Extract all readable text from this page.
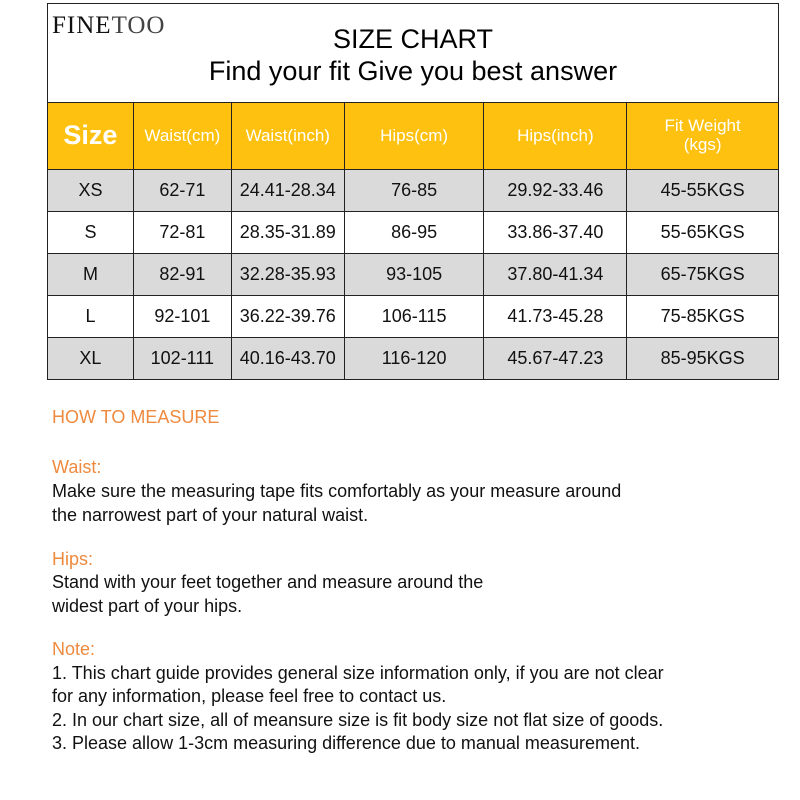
FINETOO	SIZE CHART
Find your fit Give you best answer
Size	Waist(cm)	Waist(inch)	Hips(cm)	Hips(inch)	Fit Weight
(kgs)

XS	62-71	24.41-28.34	76-85	29.92-33.46	45-55KGS
S	72-81	28.35-31.89	86-95	33.86-37.40	55-65KGS
M	82-91	32.28-35.93	93-105	37.80-41.34	65-75KGS
L	92-101	36.22-39.76	106-115	41.73-45.28	75-85KGS
XL	102-111	40.16-43.70	116-120	45.67-47.23	85-95KGS
HOW TO MEASURE
Waist:
Make sure the measuring tape fits comfortably as your measure around
the narrowest part of your natural waist.
Hips:
Stand with your feet together and measure around the
widest part of your hips.
Note:
1. This chart guide provides general size information only, if you are not clear
for any information, please feel free to contact us.
2. In our chart size, all of meansure size is fit body size not flat size of goods.
3. Please allow 1-3cm measuring difference due to manual measurement.
